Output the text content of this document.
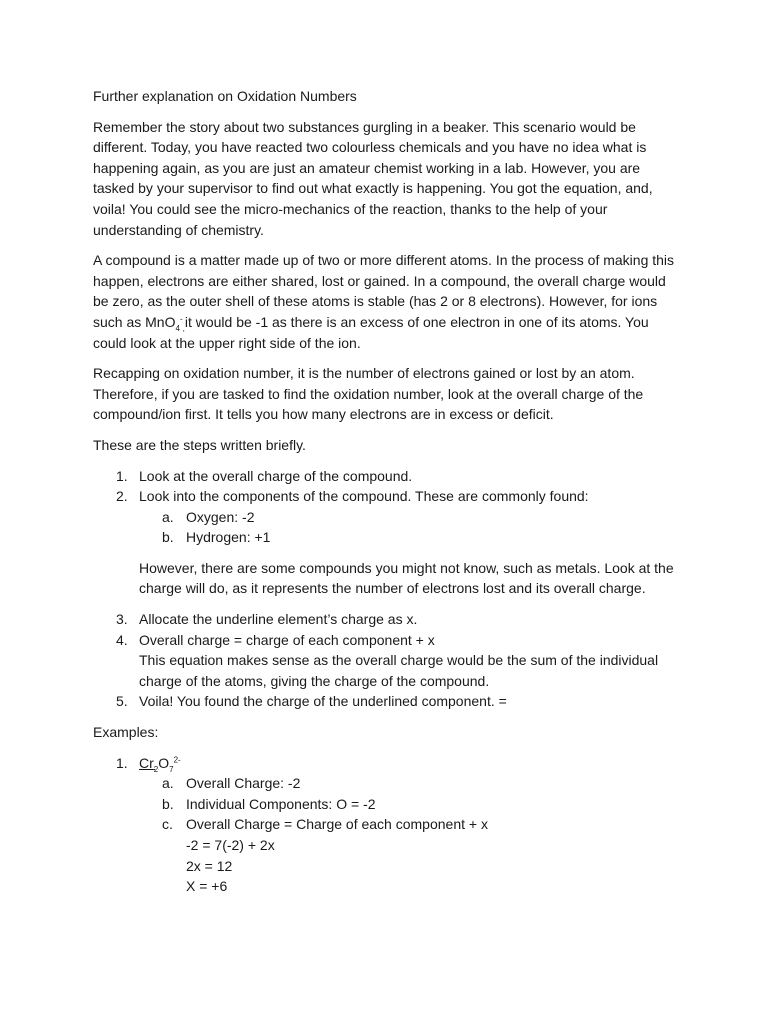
Further explanation on Oxidation Numbers

Remember the story about two substances gurgling in a beaker. This scenario would be different. Today, you have reacted two colourless chemicals and you have no idea what is happening again, as you are just an amateur chemist working in a lab. However, you are tasked by your supervisor to find out what exactly is happening. You got the equation, and, voila! You could see the micro-mechanics of the reaction, thanks to the help of your understanding of chemistry.

A compound is a matter made up of two or more different atoms. In the process of making this happen, electrons are either shared, lost or gained. In a compound, the overall charge would be zero, as the outer shell of these atoms is stable (has 2 or 8 electrons). However, for ions such as MnO$_4$-$_,$it would be -1 as there is an excess of one electron in one of its atoms. You could look at the upper right side of the ion.

Recapping on oxidation number, it is the number of electrons gained or lost by an atom. Therefore, if you are tasked to find the oxidation number, look at the overall charge of the compound/ion first. It tells you how many electrons are in excess or deficit.

These are the steps written briefly.

1. Look at the overall charge of the compound.
2. Look into the components of the compound. These are commonly found:
a. Oxygen: -2
b. Hydrogen: +1

However, there are some compounds you might not know, such as metals. Look at the charge will do, as it represents the number of electrons lost and its overall charge.

3. Allocate the underline element’s charge as x.
4. Overall charge = charge of each component + x

This equation makes sense as the overall charge would be the sum of the individual charge of the atoms, giving the charge of the compound.

5. Voila! You found the charge of the underlined component. =

Examples:

1. $Cr_2O_7^{2-}$
a. Overall Charge: -2
b. Individual Components: O = -2
c. Overall Charge = Charge of each component + x

-2 = 7(-2) + 2x

2x = 12

X = +6
